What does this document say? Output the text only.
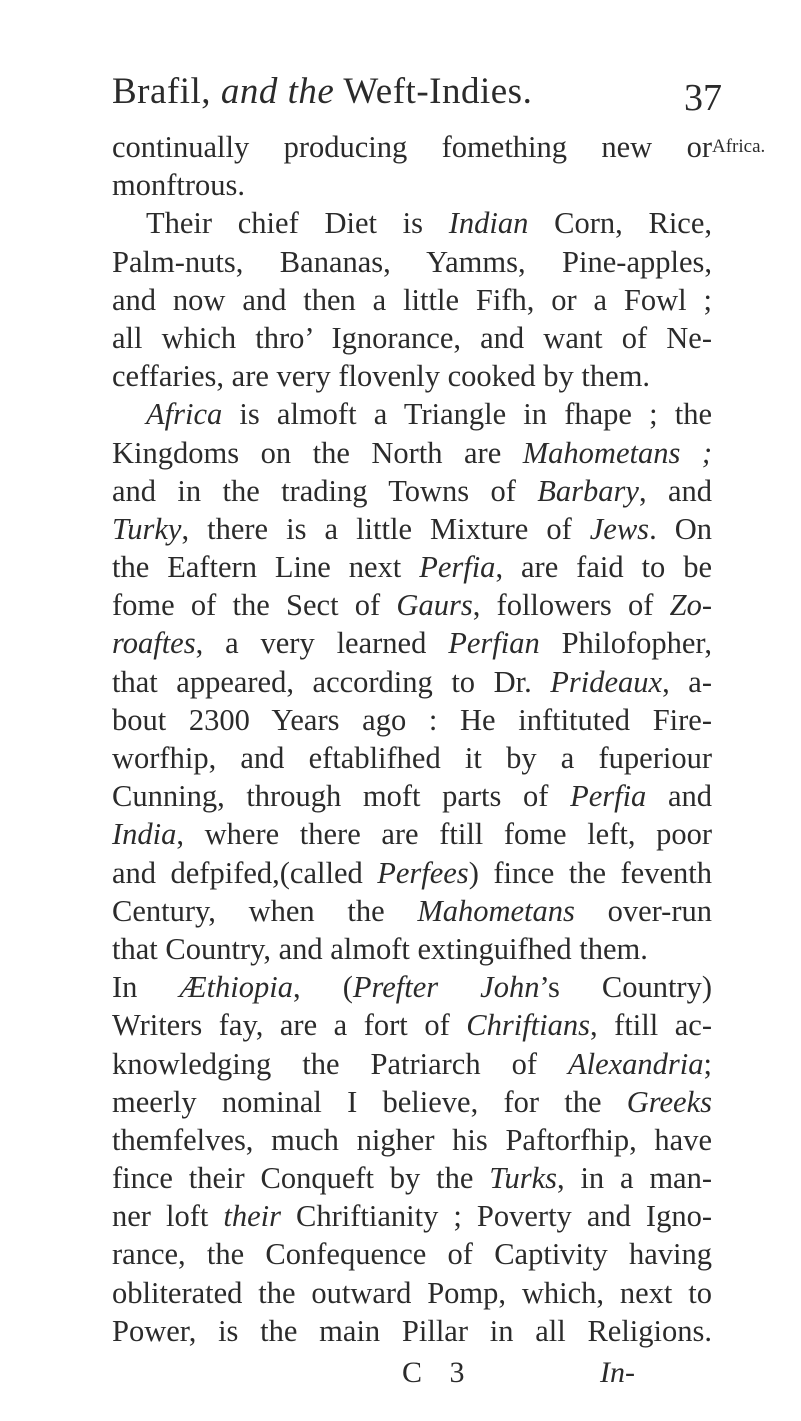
Brafil, and the Weft-Indies.	37
Africa.
continually producing fomething new or
monftrous.
Their chief Diet is Indian Corn, Rice,
Palm-nuts, Bananas, Yamms, Pine-apples,
and now and then a little Fifh, or a Fowl ;
all which thro’ Ignorance, and want of Ne-
ceffaries, are very flovenly cooked by them.
Africa is almoft a Triangle in fhape ; the
Kingdoms on the North are Mahometans ;
and in the trading Towns of Barbary, and
Turky, there is a little Mixture of Jews. On
the Eaftern Line next Perfia, are faid to be
fome of the Sect of Gaurs, followers of Zo-
roaftes, a very learned Perfian Philofopher,
that appeared, according to Dr. Prideaux, a-
bout 2300 Years ago : He inftituted Fire-
worfhip, and eftablifhed it by a fuperiour
Cunning, through moft parts of Perfia and
India, where there are ftill fome left, poor
and defpifed,(called Perfees) fince the feventh
Century, when the Mahometans over-run
that Country, and almoft extinguifhed them.
In Æthiopia, (Prefter John’s Country)
Writers fay, are a fort of Chriftians, ftill ac-
knowledging the Patriarch of Alexandria;
meerly nominal I believe, for the Greeks
themfelves, much nigher his Paftorfhip, have
fince their Conqueft by the Turks, in a man-
ner loft their Chriftianity ; Poverty and Igno-
rance, the Confequence of Captivity having
obliterated the outward Pomp, which, next to
Power, is the main Pillar in all Religions.
C 3	In-
